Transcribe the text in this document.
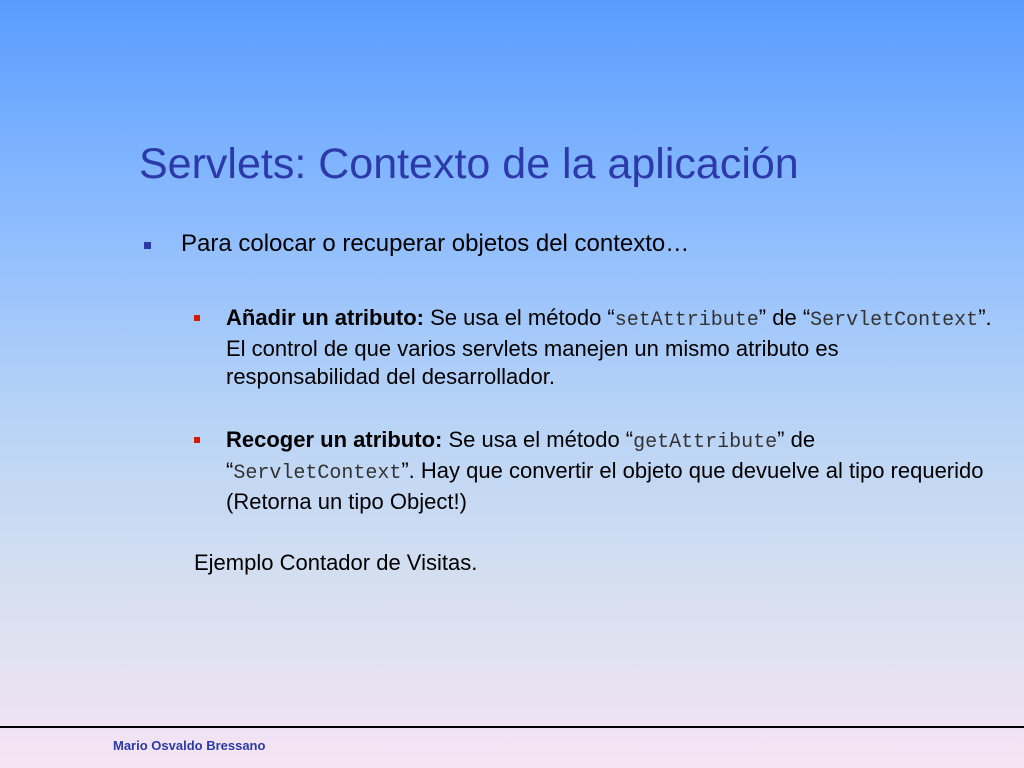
Servlets: Contexto de la aplicación
Para colocar o recuperar objetos del contexto…
Añadir un atributo: Se usa el método “setAttribute” de “ServletContext”. El control de que varios servlets manejen un mismo atributo es responsabilidad del desarrollador.
Recoger un atributo: Se usa el método “getAttribute” de “ServletContext”. Hay que convertir el objeto que devuelve al tipo requerido (Retorna un tipo Object!)
Ejemplo Contador de Visitas.
Mario Osvaldo Bressano
